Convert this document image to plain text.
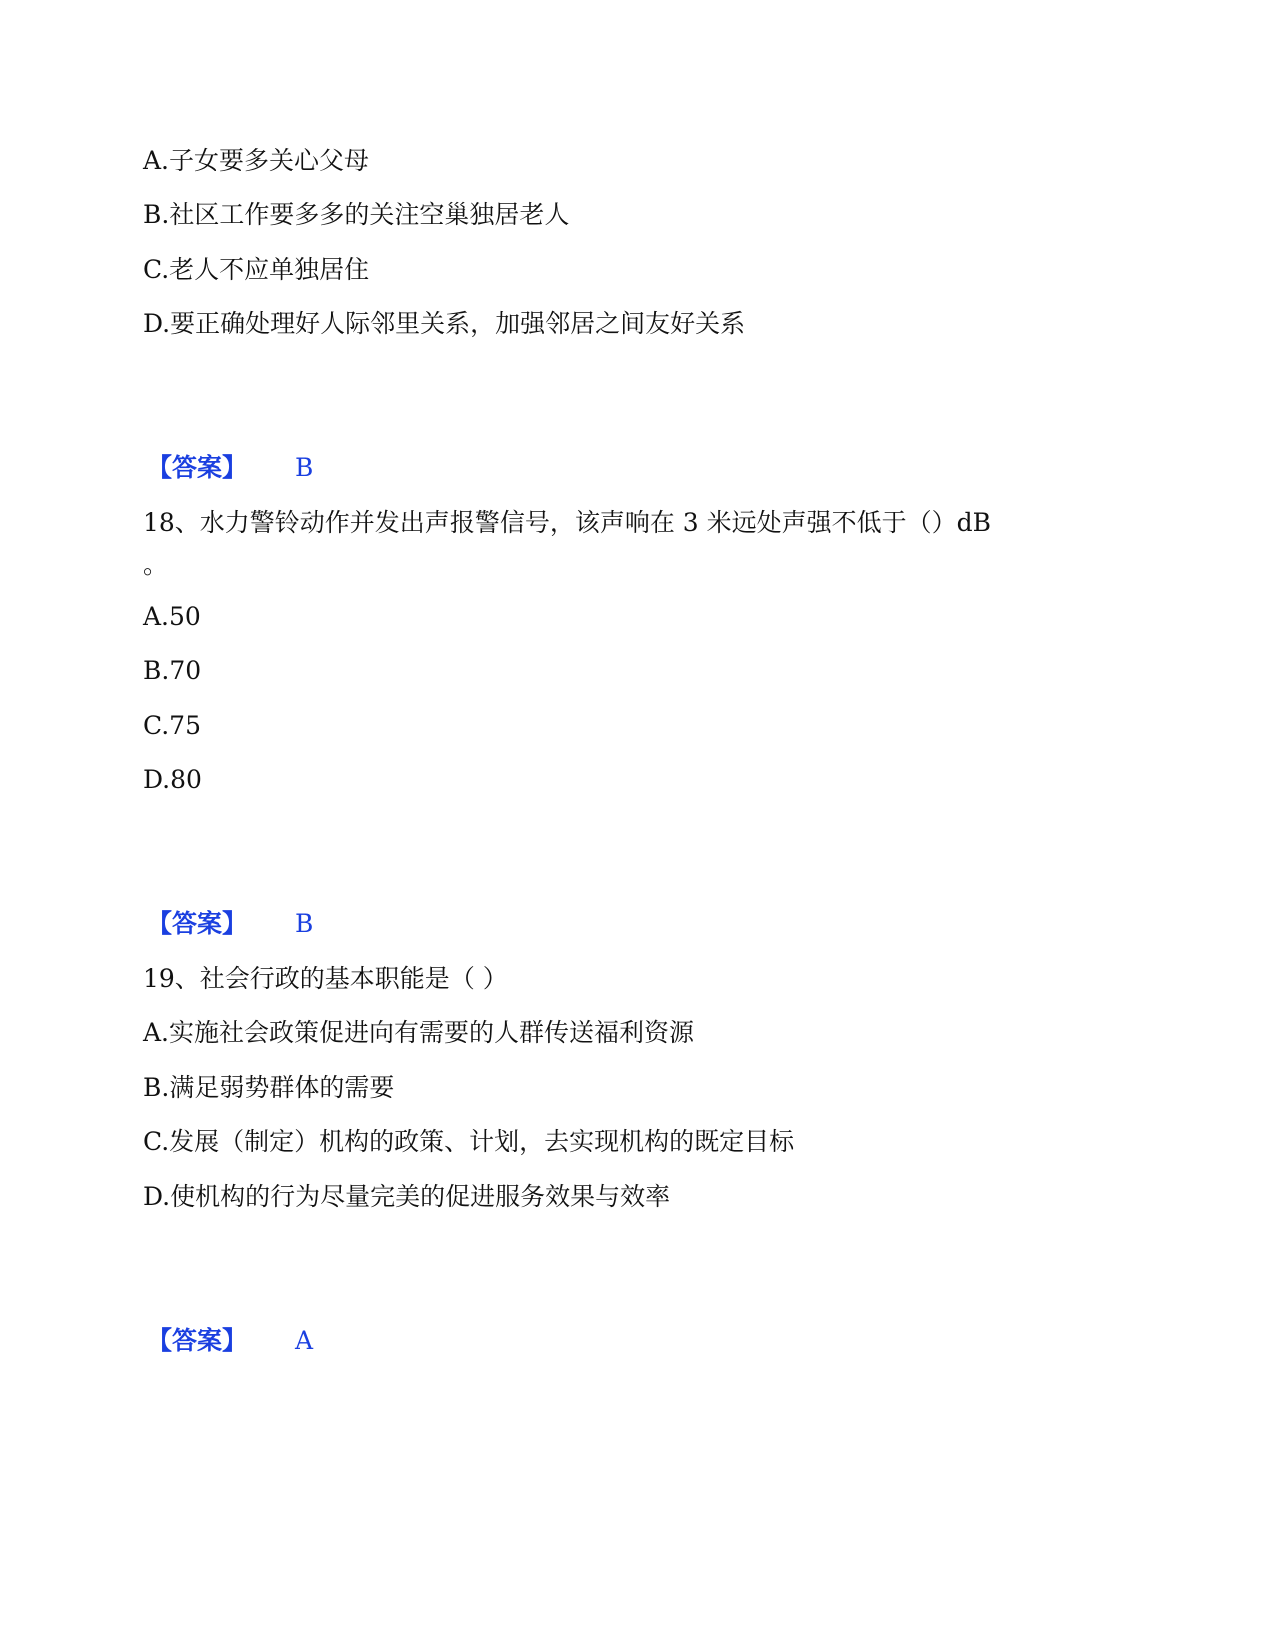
A.子女要多关心父母
B.社区工作要多多的关注空巢独居老人
C.老人不应单独居住
D.要正确处理好人际邻里关系，加强邻居之间友好关系
【答案】 B
18、水力警铃动作并发出声报警信号，该声响在 3 米远处声强不低于（）dB
。
A.50
B.70
C.75
D.80
【答案】 B
19、社会行政的基本职能是（ ）
A.实施社会政策促进向有需要的人群传送福利资源
B.满足弱势群体的需要
C.发展（制定）机构的政策、计划，去实现机构的既定目标
D.使机构的行为尽量完美的促进服务效果与效率
【答案】 A
